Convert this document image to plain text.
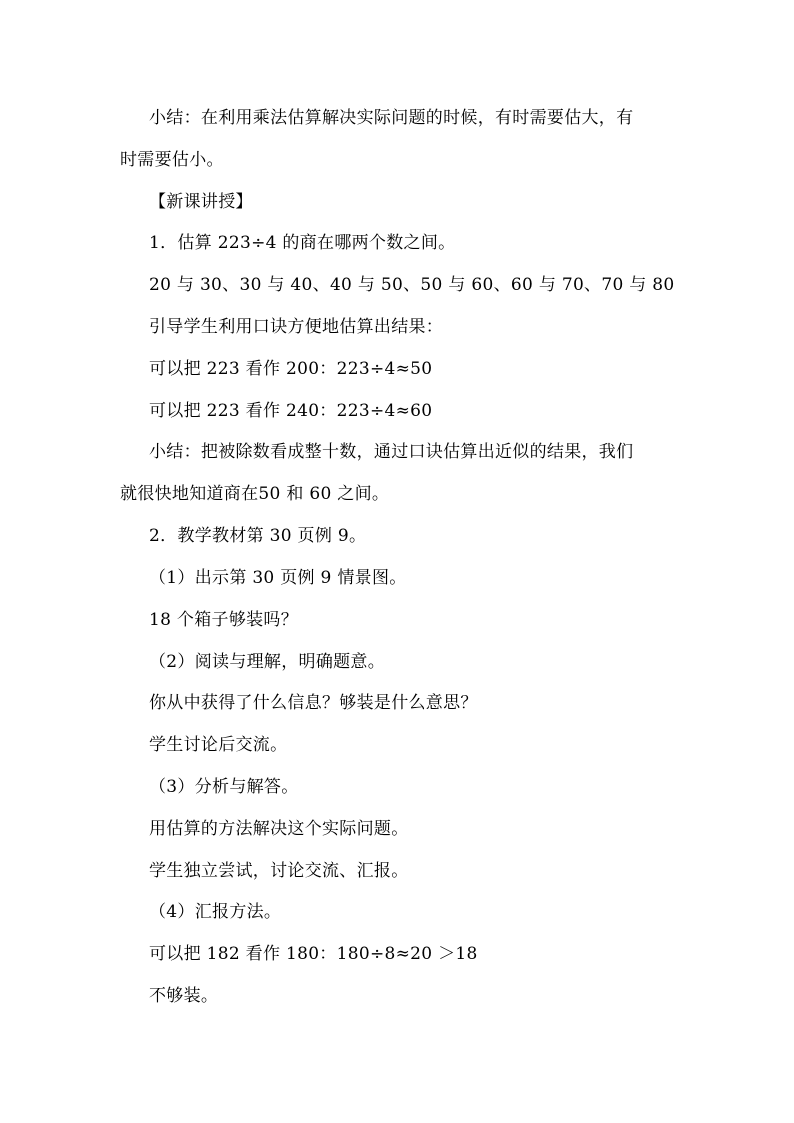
小结：在利用乘法估算解决实际问题的时候，有时需要估大，有
时需要估小。
【新课讲授】
1．估算 223÷4 的商在哪两个数之间。
20 与 30、30 与 40、40 与 50、50 与 60、60 与 70、70 与 80
引导学生利用口诀方便地估算出结果：
可以把 223 看作 200：223÷4≈50
可以把 223 看作 240：223÷4≈60
小结：把被除数看成整十数，通过口诀估算出近似的结果，我们
就很快地知道商在50 和 60 之间。
2．教学教材第 30 页例 9。
（1）出示第 30 页例 9 情景图。
18 个箱子够装吗？
（2）阅读与理解，明确题意。
你从中获得了什么信息？够装是什么意思？
学生讨论后交流。
（3）分析与解答。
用估算的方法解决这个实际问题。
学生独立尝试，讨论交流、汇报。
（4）汇报方法。
可以把 182 看作 180：180÷8≈20 ＞18
不够装。
